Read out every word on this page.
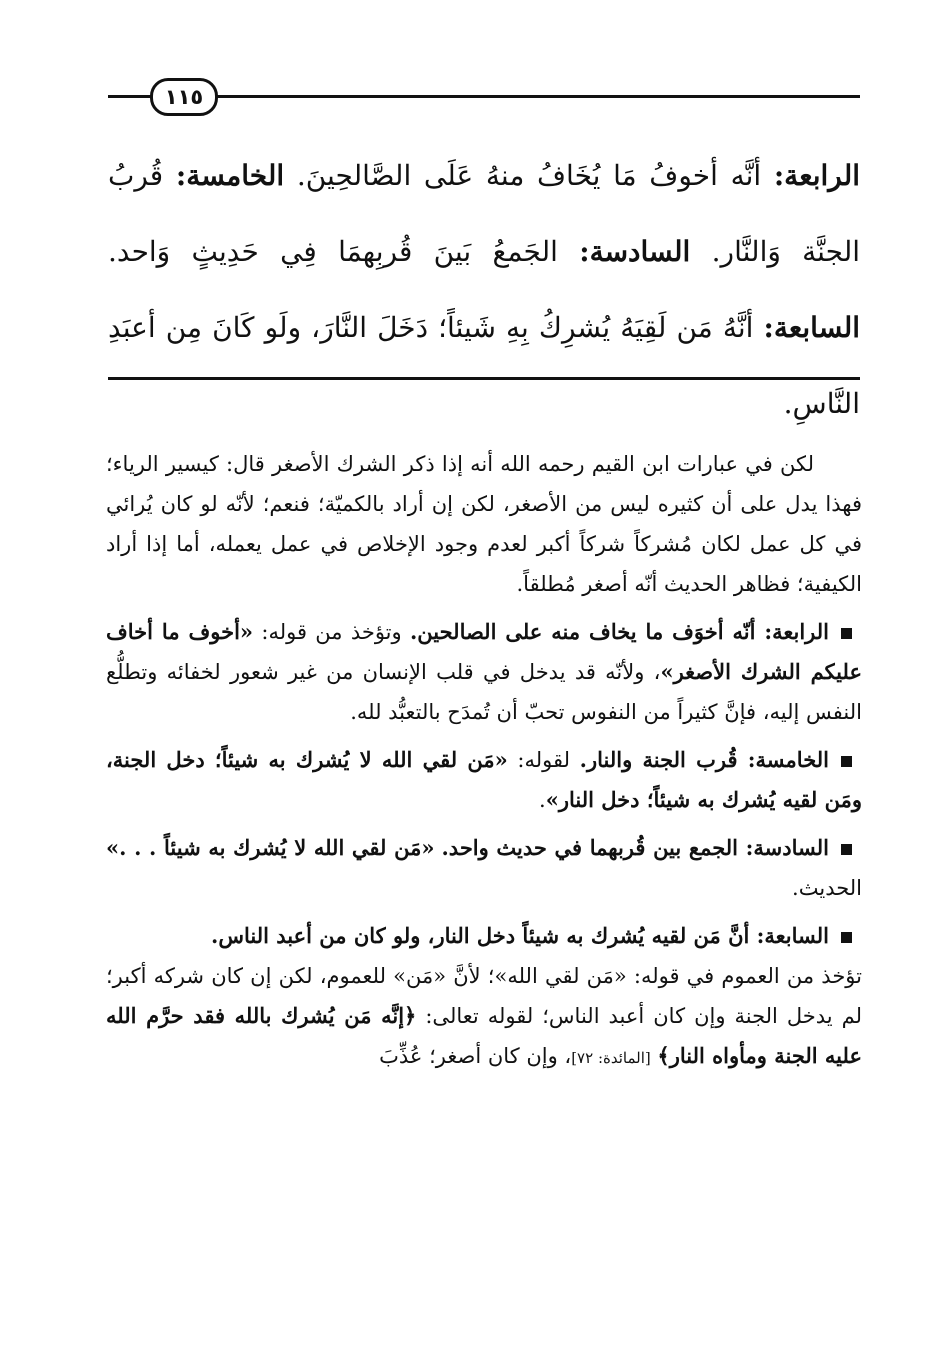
١١٥
الرابعة: أنَّه أخوفُ مَا يُخَافُ منهُ عَلَى الصَّالحِينَ. الخامسة: قُربُ الجنَّة وَالنَّار. السادسة: الجَمعُ بَينَ قُربِهمَا فِي حَدِيثٍ وَاحد. السابعة: أنَّهُ مَن لَقِيَهُ يُشرِكُ بِهِ شَيئاً؛ دَخَلَ النَّارَ، ولَو كَانَ مِن أعبَدِ النَّاسِ.

لكن في عبارات ابن القيم رحمه الله أنه إذا ذكر الشرك الأصغر قال: كيسير الرياء؛ فهذا يدل على أن كثيره ليس من الأصغر، لكن إن أراد بالكميّة؛ فنعم؛ لأنّه لو كان يُرائي في كل عمل لكان مُشركاً شركاً أكبر لعدم وجود الإخلاص في عمل يعمله، أما إذا أراد الكيفية؛ فظاهر الحديث أنّه أصغر مُطلقاً.

الرابعة: أنّه أخوَف ما يخاف منه على الصالحين. وتؤخذ من قوله: «أخوف ما أخاف عليكم الشرك الأصغر»، ولأنّه قد يدخل في قلب الإنسان من غير شعور لخفائه وتطلُّع النفس إليه، فإنَّ كثيراً من النفوس تحبّ أن تُمدَح بالتعبُّد لله.

الخامسة: قُرب الجنة والنار. لقوله: «مَن لقي الله لا يُشرك به شيئاً؛ دخل الجنة، ومَن لقيه يُشرك به شيئاً؛ دخل النار».

السادسة: الجمع بين قُربهما في حديث واحد. «مَن لقي الله لا يُشرك به شيئاً . . .» الحديث.

السابعة: أنَّ مَن لقيه يُشرك به شيئاً دخل النار، ولو كان من أعبد الناس.
تؤخذ من العموم في قوله: «مَن لقي الله»؛ لأنَّ «مَن» للعموم، لكن إن كان شركه أكبر؛ لم يدخل الجنة وإن كان أعبد الناس؛ لقوله تعالى: ﴿إنَّه مَن يُشرك بالله فقد حرَّم الله عليه الجنة ومأواه النار﴾ [المائدة: ٧٢]، وإن كان أصغر؛ عُذِّبَ
